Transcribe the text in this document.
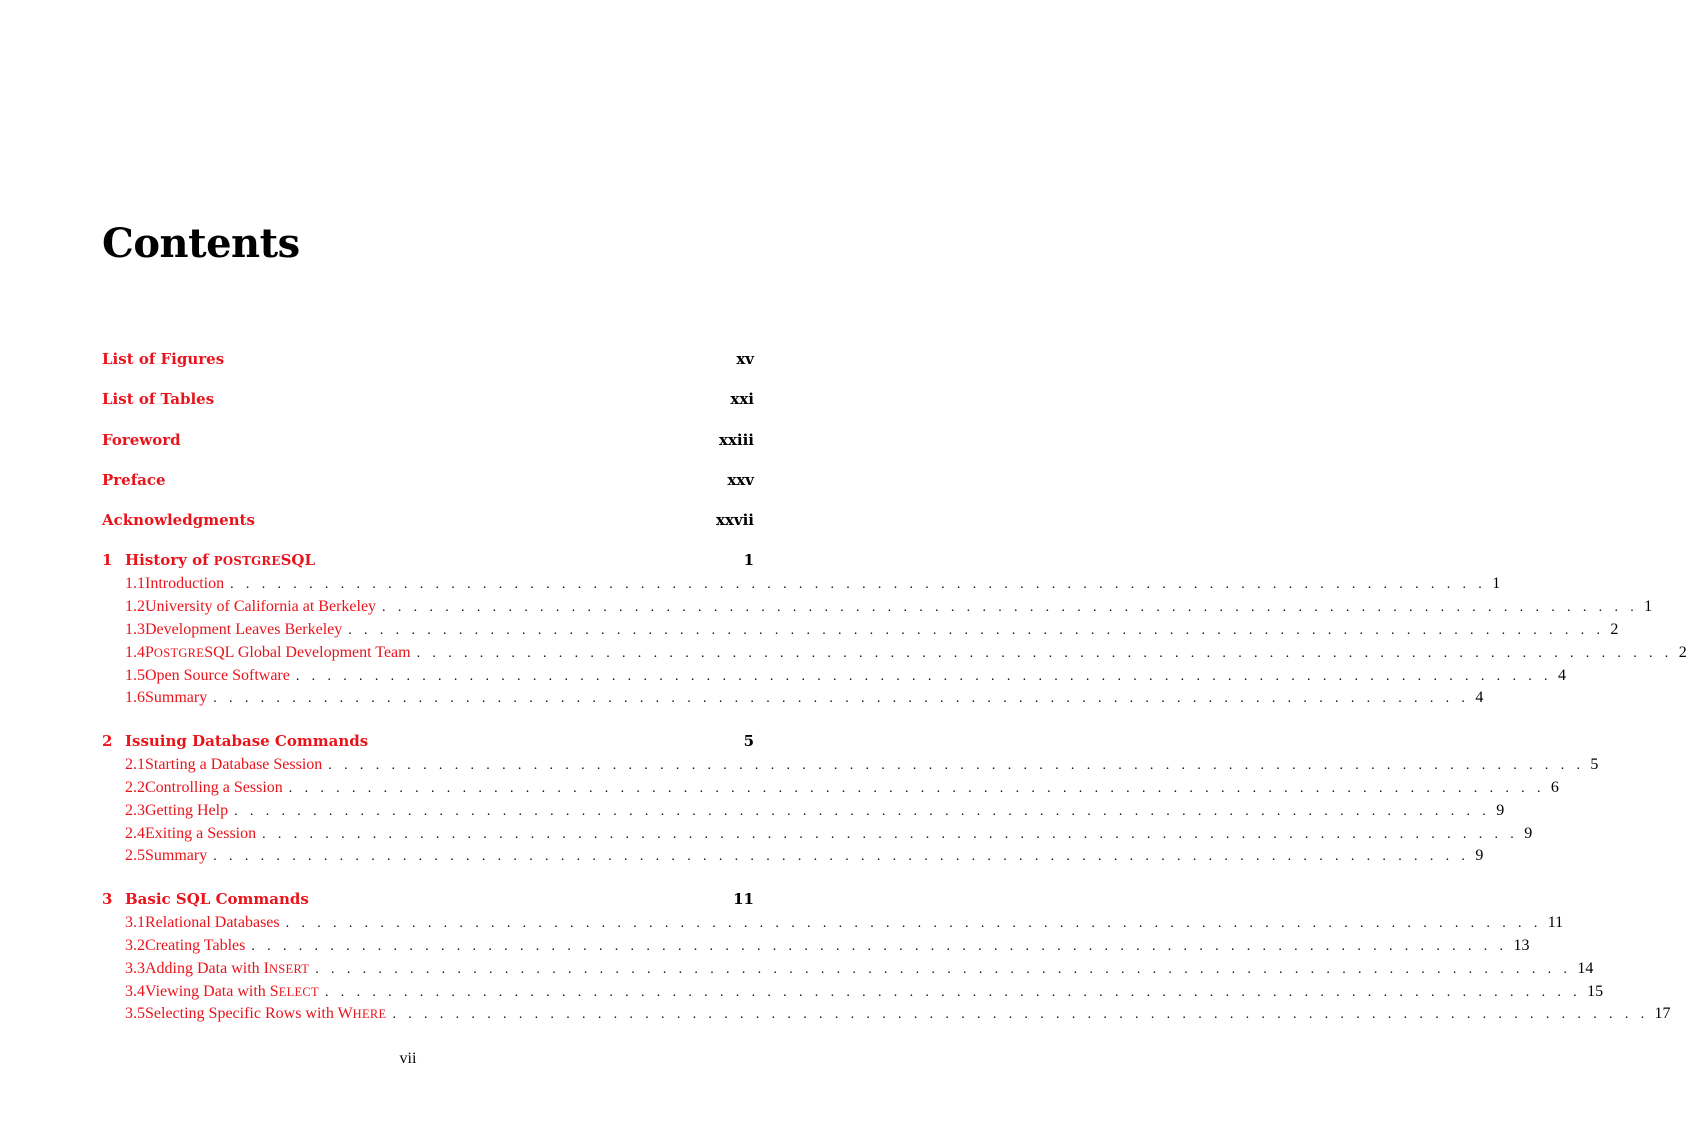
Contents
List of Figures	xv
List of Tables	xxi
Foreword	xxiii
Preface	xxv
Acknowledgments	xxvii
1 History of POSTGRESQL	1
1.1 Introduction . . . . . . . . . . . . . . . . . . . . . . . . . . . . . . . . . . . . . . . . . . . . . . . . . . . . . . . . . . . . . . . . . . . . . . . . . . . . . . . . 1
1.2 University of California at Berkeley . . . . . . . . . . . . . . . . . . . . . . . . . . . . . . . . . . . . . . . . . . . . . . . . . . . . . . . . . . . . . . . . . . . . . . . . . . . . . . . . 1
1.3 Development Leaves Berkeley . . . . . . . . . . . . . . . . . . . . . . . . . . . . . . . . . . . . . . . . . . . . . . . . . . . . . . . . . . . . . . . . . . . . . . . . . . . . . . . . 2
1.4 POSTGRESQL Global Development Team . . . . . . . . . . . . . . . . . . . . . . . . . . . . . . . . . . . . . . . . . . . . . . . . . . . . . . . . . . . . . . . . . . . . . . . . . . . . . . . . 2
1.5 Open Source Software . . . . . . . . . . . . . . . . . . . . . . . . . . . . . . . . . . . . . . . . . . . . . . . . . . . . . . . . . . . . . . . . . . . . . . . . . . . . . . . . 4
1.6 Summary . . . . . . . . . . . . . . . . . . . . . . . . . . . . . . . . . . . . . . . . . . . . . . . . . . . . . . . . . . . . . . . . . . . . . . . . . . . . . . . . 4
2 Issuing Database Commands	5
2.1 Starting a Database Session . . . . . . . . . . . . . . . . . . . . . . . . . . . . . . . . . . . . . . . . . . . . . . . . . . . . . . . . . . . . . . . . . . . . . . . . . . . . . . . . 5
2.2 Controlling a Session . . . . . . . . . . . . . . . . . . . . . . . . . . . . . . . . . . . . . . . . . . . . . . . . . . . . . . . . . . . . . . . . . . . . . . . . . . . . . . . . 6
2.3 Getting Help . . . . . . . . . . . . . . . . . . . . . . . . . . . . . . . . . . . . . . . . . . . . . . . . . . . . . . . . . . . . . . . . . . . . . . . . . . . . . . . . 9
2.4 Exiting a Session . . . . . . . . . . . . . . . . . . . . . . . . . . . . . . . . . . . . . . . . . . . . . . . . . . . . . . . . . . . . . . . . . . . . . . . . . . . . . . . . 9
2.5 Summary . . . . . . . . . . . . . . . . . . . . . . . . . . . . . . . . . . . . . . . . . . . . . . . . . . . . . . . . . . . . . . . . . . . . . . . . . . . . . . . . 9
3 Basic SQL Commands	11
3.1 Relational Databases . . . . . . . . . . . . . . . . . . . . . . . . . . . . . . . . . . . . . . . . . . . . . . . . . . . . . . . . . . . . . . . . . . . . . . . . . . . . . . . . 11
3.2 Creating Tables . . . . . . . . . . . . . . . . . . . . . . . . . . . . . . . . . . . . . . . . . . . . . . . . . . . . . . . . . . . . . . . . . . . . . . . . . . . . . . . . 13
3.3 Adding Data with INSERT . . . . . . . . . . . . . . . . . . . . . . . . . . . . . . . . . . . . . . . . . . . . . . . . . . . . . . . . . . . . . . . . . . . . . . . . . . . . . . . . 14
3.4 Viewing Data with SELECT . . . . . . . . . . . . . . . . . . . . . . . . . . . . . . . . . . . . . . . . . . . . . . . . . . . . . . . . . . . . . . . . . . . . . . . . . . . . . . . . 15
3.5 Selecting Specific Rows with WHERE . . . . . . . . . . . . . . . . . . . . . . . . . . . . . . . . . . . . . . . . . . . . . . . . . . . . . . . . . . . . . . . . . . . . . . . . . . . . . . . . 17
vii
